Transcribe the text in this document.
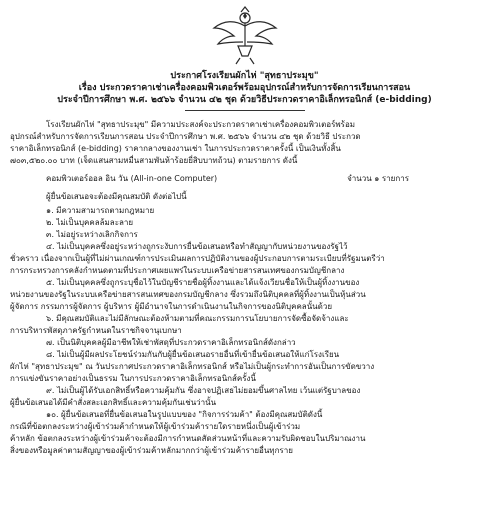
ประกาศโรงเรียนผักไห่ "สุทธาประมุข"
เรื่อง ประกวดราคาเช่าเครื่องคอมพิวเตอร์พร้อมอุปกรณ์สำหรับการจัดการเรียนการสอน
ประจำปีการศึกษา พ.ศ. ๒๕๖๖ จำนวน ๔๒ ชุด ด้วยวิธีประกวดราคาอิเล็กทรอนิกส์ (e-bidding)

โรงเรียนผักไห่ "สุทธาประมุข" มีความประสงค์จะประกวดราคาเช่าเครื่องคอมพิวเตอร์พร้อม

อุปกรณ์สำหรับการจัดการเรียนการสอน ประจำปีการศึกษา พ.ศ. ๒๕๖๖ จำนวน ๔๒ ชุด ด้วยวิธี ประกวด

ราคาอิเล็กทรอนิกส์ (e-bidding) ราคากลางของงานเช่า ในการประกวดราคาครั้งนี้ เป็นเงินทั้งสิ้น

๗๐๓,๕๒๐.๐๐ บาท (เจ็ดแสนสามหมื่นสามพันห้าร้อยยี่สิบบาทถ้วน) ตามรายการ ดังนี้

คอมพิวเตอร์ออล อิน วัน (All-in-one Computer)	จำนวน ๑ รายการ
ผู้ยื่นข้อเสนอจะต้องมีคุณสมบัติ ดังต่อไปนี้

๑. มีความสามารถตามกฎหมาย

๒. ไม่เป็นบุคคลล้มละลาย

๓. ไม่อยู่ระหว่างเลิกกิจการ

๔. ไม่เป็นบุคคลซึ่งอยู่ระหว่างถูกระงับการยื่นข้อเสนอหรือทำสัญญากับหน่วยงานของรัฐไว้

ชั่วคราว เนื่องจากเป็นผู้ที่ไม่ผ่านเกณฑ์การประเมินผลการปฏิบัติงานของผู้ประกอบการตามระเบียบที่รัฐมนตรีว่า

การกระทรวงการคลังกำหนดตามที่ประกาศเผยแพร่ในระบบเครือข่ายสารสนเทศของกรมบัญชีกลาง

๕. ไม่เป็นบุคคลซึ่งถูกระบุชื่อไว้ในบัญชีรายชื่อผู้ทิ้งงานและได้แจ้งเวียนชื่อให้เป็นผู้ทิ้งงานของ

หน่วยงานของรัฐในระบบเครือข่ายสารสนเทศของกรมบัญชีกลาง ซึ่งรวมถึงนิติบุคคลที่ผู้ทิ้งงานเป็นหุ้นส่วน

ผู้จัดการ กรรมการผู้จัดการ ผู้บริหาร ผู้มีอำนาจในการดำเนินงานในกิจการของนิติบุคคลนั้นด้วย

๖. มีคุณสมบัติและไม่มีลักษณะต้องห้ามตามที่คณะกรรมการนโยบายการจัดซื้อจัดจ้างและ

การบริหารพัสดุภาครัฐกำหนดในราชกิจจานุเบกษา

๗. เป็นนิติบุคคลผู้มีอาชีพให้เช่าพัสดุที่ประกวดราคาอิเล็กทรอนิกส์ดังกล่าว

๘. ไม่เป็นผู้มีผลประโยชน์ร่วมกันกับผู้ยื่นข้อเสนอรายอื่นที่เข้ายื่นข้อเสนอให้แก่โรงเรียน

ผักไห่ "สุทธาประมุข" ณ วันประกาศประกวดราคาอิเล็กทรอนิกส์ หรือไม่เป็นผู้กระทำการอันเป็นการขัดขวาง

การแข่งขันราคาอย่างเป็นธรรม ในการประกวดราคาอิเล็กทรอนิกส์ครั้งนี้

๙. ไม่เป็นผู้ได้รับเอกสิทธิ์หรือความคุ้มกัน ซึ่งอาจปฏิเสธไม่ยอมขึ้นศาลไทย เว้นแต่รัฐบาลของ

ผู้ยื่นข้อเสนอได้มีคำสั่งสละเอกสิทธิ์และความคุ้มกันเช่นว่านั้น

๑๐. ผู้ยื่นข้อเสนอที่ยื่นข้อเสนอในรูปแบบของ "กิจการร่วมค้า" ต้องมีคุณสมบัติดังนี้

กรณีที่ข้อตกลงระหว่างผู้เข้าร่วมค้ากำหนดให้ผู้เข้าร่วมค้ารายใดรายหนึ่งเป็นผู้เข้าร่วม

ค้าหลัก ข้อตกลงระหว่างผู้เข้าร่วมค้าจะต้องมีการกำหนดสัดส่วนหน้าที่และความรับผิดชอบในปริมาณงาน

สิ่งของหรือมูลค่าตามสัญญาของผู้เข้าร่วมค้าหลักมากกว่าผู้เข้าร่วมค้ารายอื่นทุกราย
